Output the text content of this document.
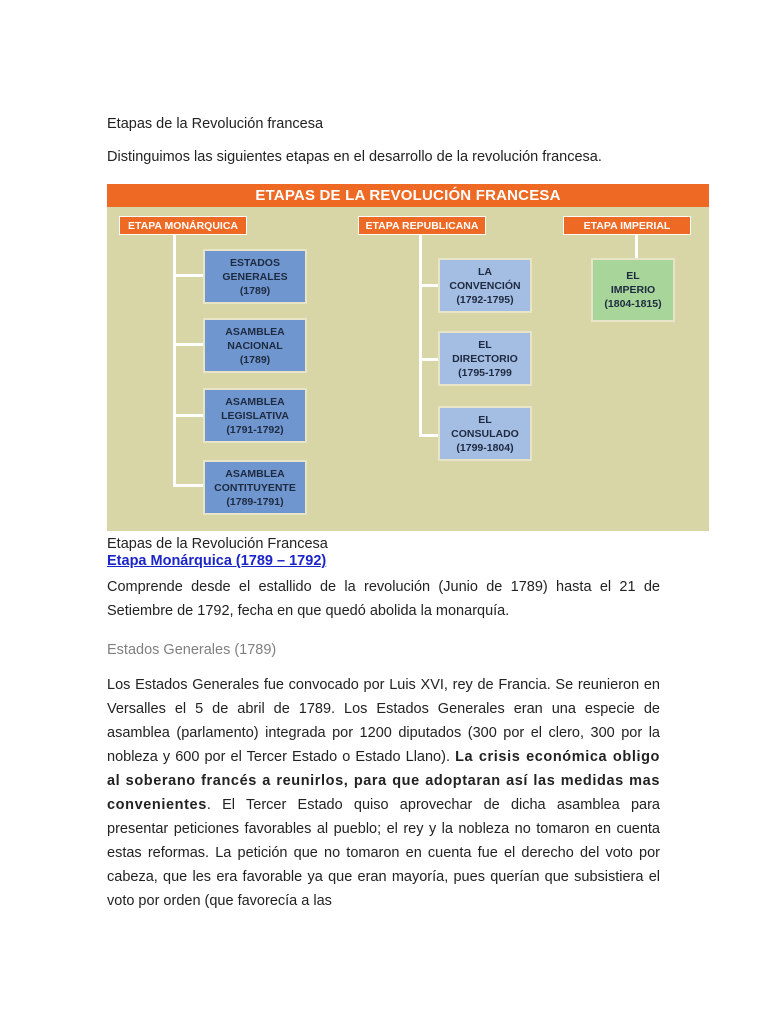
Etapas de la Revolución francesa
Distinguimos las siguientes etapas en el desarrollo de la revolución francesa.
ETAPAS DE LA REVOLUCIÓN FRANCESA
ETAPA MONÁRQUICA	ETAPA REPUBLICANA	ETAPA IMPERIAL
ESTADOS
GENERALES
(1789)
ASAMBLEA
NACIONAL
(1789)
ASAMBLEA
LEGISLATIVA
(1791-1792)
ASAMBLEA
CONTITUYENTE
(1789-1791)
LA
CONVENCIÓN
(1792-1795)
EL
DIRECTORIO
(1795-1799
EL
CONSULADO
(1799-1804)
EL
IMPERIO
(1804-1815)
Etapas de la Revolución Francesa
Etapa Monárquica (1789 – 1792)
Comprende desde el estallido de la revolución (Junio de 1789) hasta el 21 de Setiembre de 1792, fecha en que quedó abolida la monarquía.
Estados Generales (1789)
Los Estados Generales fue convocado por Luis XVI, rey de Francia. Se reunieron en Versalles el 5 de abril de 1789. Los Estados Generales eran una especie de asamblea (parlamento) integrada por 1200 diputados (300 por el clero, 300 por la nobleza y 600 por el Tercer Estado o Estado Llano). La crisis económica obligo al soberano francés a reunirlos, para que adoptaran así las medidas mas convenientes. El Tercer Estado quiso aprovechar de dicha asamblea para presentar peticiones favorables al pueblo; el rey y la nobleza no tomaron en cuenta estas reformas. La petición que no tomaron en cuenta fue el derecho del voto por cabeza, que les era favorable ya que eran mayoría, pues querían que subsistiera el voto por orden (que favorecía a las
